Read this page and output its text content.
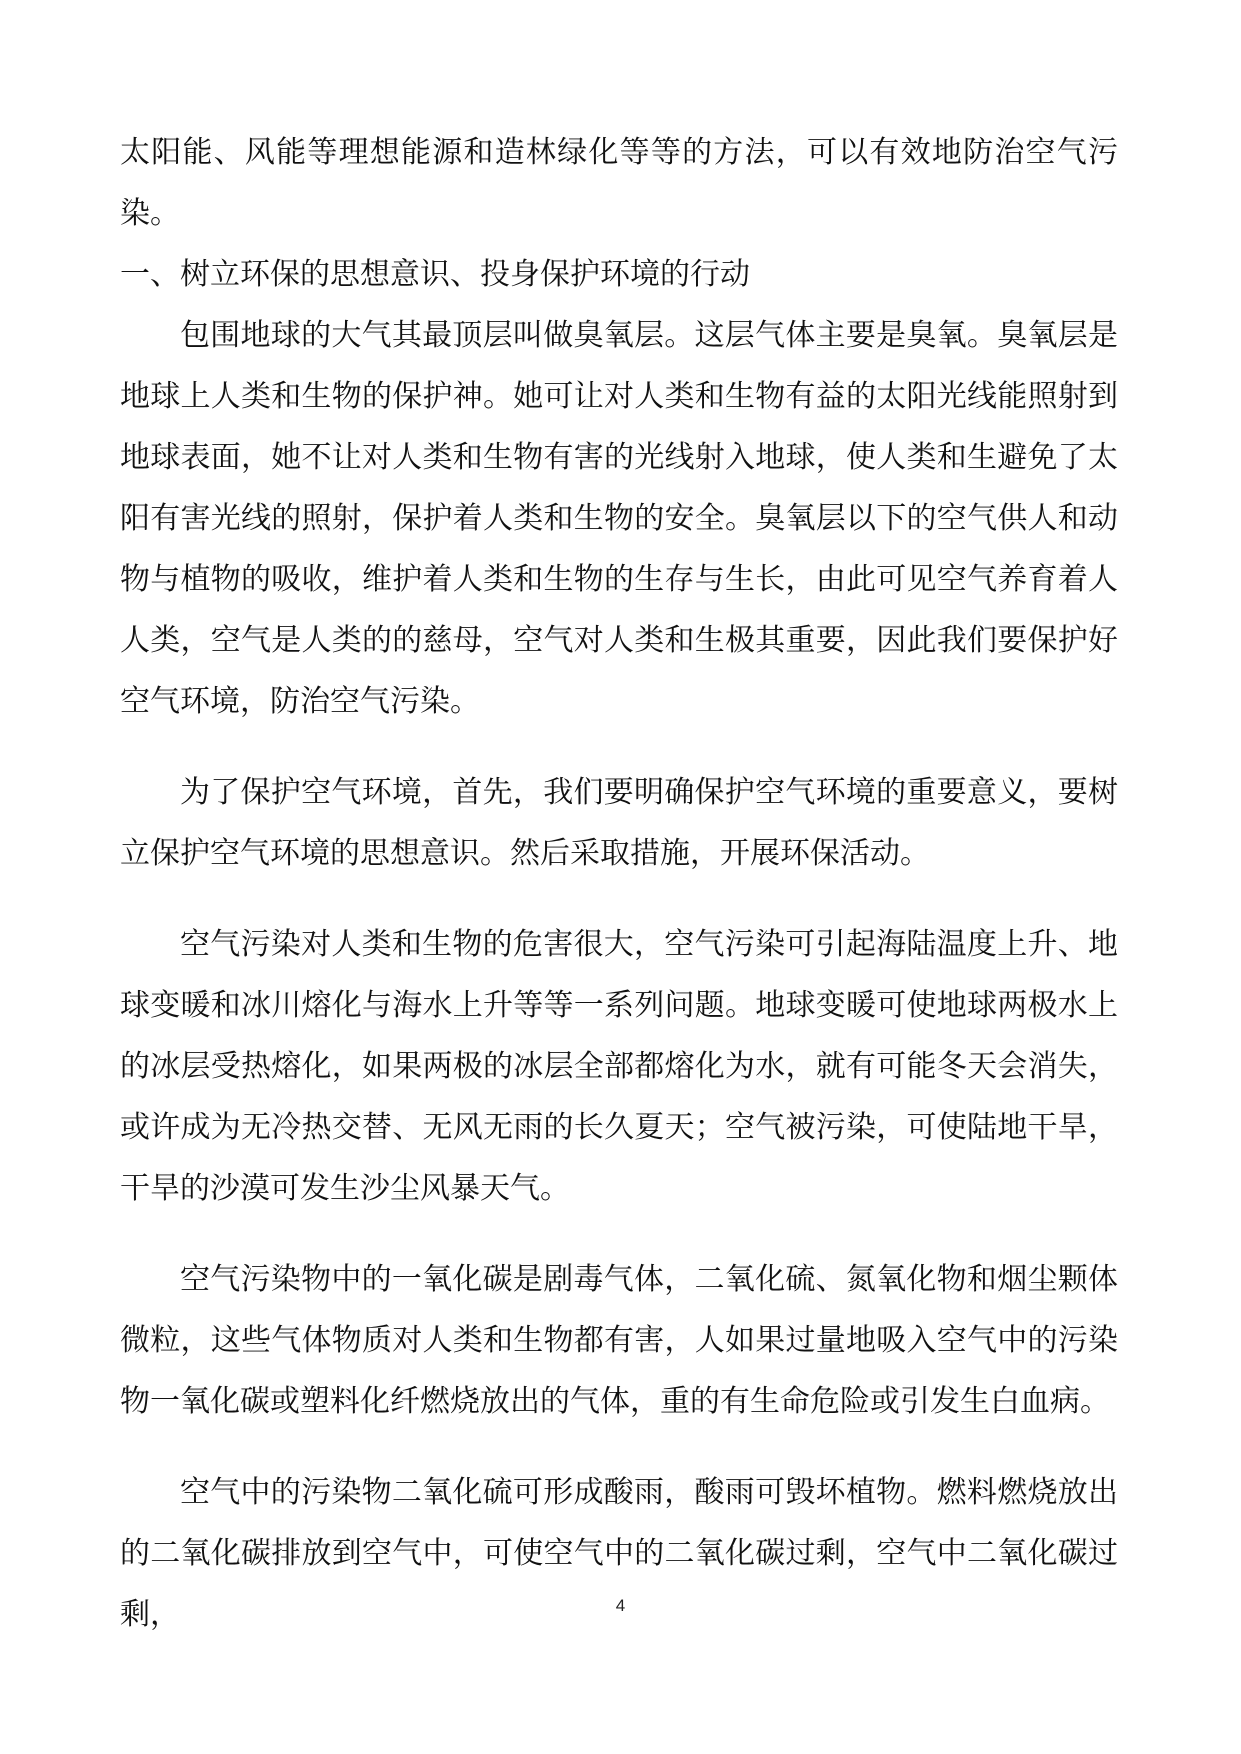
太阳能、风能等理想能源和造林绿化等等的方法，可以有效地防治空气污染。

一、树立环保的思想意识、投身保护环境的行动

包围地球的大气其最顶层叫做臭氧层。这层气体主要是臭氧。臭氧层是地球上人类和生物的保护神。她可让对人类和生物有益的太阳光线能照射到地球表面，她不让对人类和生物有害的光线射入地球，使人类和生避免了太阳有害光线的照射，保护着人类和生物的安全。臭氧层以下的空气供人和动物与植物的吸收，维护着人类和生物的生存与生长，由此可见空气养育着人人类，空气是人类的的慈母，空气对人类和生极其重要，因此我们要保护好空气环境，防治空气污染。

为了保护空气环境，首先，我们要明确保护空气环境的重要意义，要树立保护空气环境的思想意识。然后采取措施，开展环保活动。

空气污染对人类和生物的危害很大，空气污染可引起海陆温度上升、地球变暖和冰川熔化与海水上升等等一系列问题。地球变暖可使地球两极水上的冰层受热熔化，如果两极的冰层全部都熔化为水，就有可能冬天会消失，或许成为无冷热交替、无风无雨的长久夏天；空气被污染，可使陆地干旱，干旱的沙漠可发生沙尘风暴天气。

空气污染物中的一氧化碳是剧毒气体，二氧化硫、氮氧化物和烟尘颗体微粒，这些气体物质对人类和生物都有害，人如果过量地吸入空气中的污染物一氧化碳或塑料化纤燃烧放出的气体，重的有生命危险或引发生白血病。

空气中的污染物二氧化硫可形成酸雨，酸雨可毁坏植物。燃料燃烧放出的二氧化碳排放到空气中，可使空气中的二氧化碳过剩，空气中二氧化碳过剩，	4
